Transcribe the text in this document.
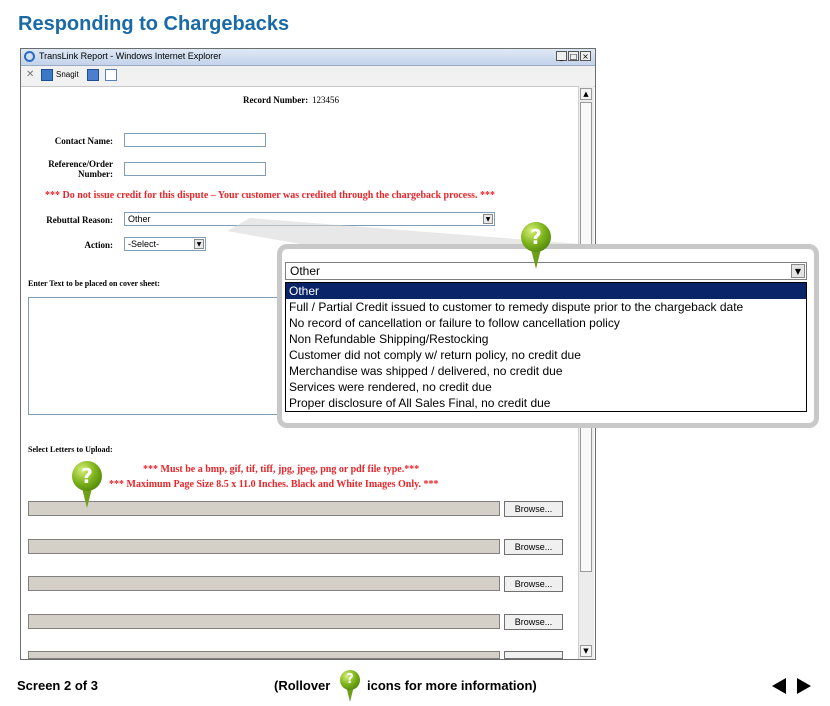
Responding to Chargebacks
TransLink Report - Windows Internet Explorer	_ □ ×
✕	Snagit
Record Number: 123456
Contact Name:
Reference/Order
Number:
*** Do not issue credit for this dispute – Your customer was credited through the chargeback process. ***
Rebuttal Reason:	Other	▼
Action:	-Select-	▼
Enter Text to be placed on cover sheet:
Select Letters to Upload:
*** Must be a bmp, gif, tif, tiff, jpg, jpeg, png or pdf file type.***
*** Maximum Page Size 8.5 x 11.0 Inches. Black and White Images Only. ***
Browse...
Browse...
Browse...
Browse...
▲
▼
Other	▼
Other
Full / Partial Credit issued to customer to remedy dispute prior to the chargeback date
No record of cancellation or failure to follow cancellation policy
Non Refundable Shipping/Restocking
Customer did not comply w/ return policy, no credit due
Merchandise was shipped / delivered, no credit due
Services were rendered, no credit due
Proper disclosure of All Sales Final, no credit due
?
?
Screen 2 of 3	(Rollover	?	icons for more information)
